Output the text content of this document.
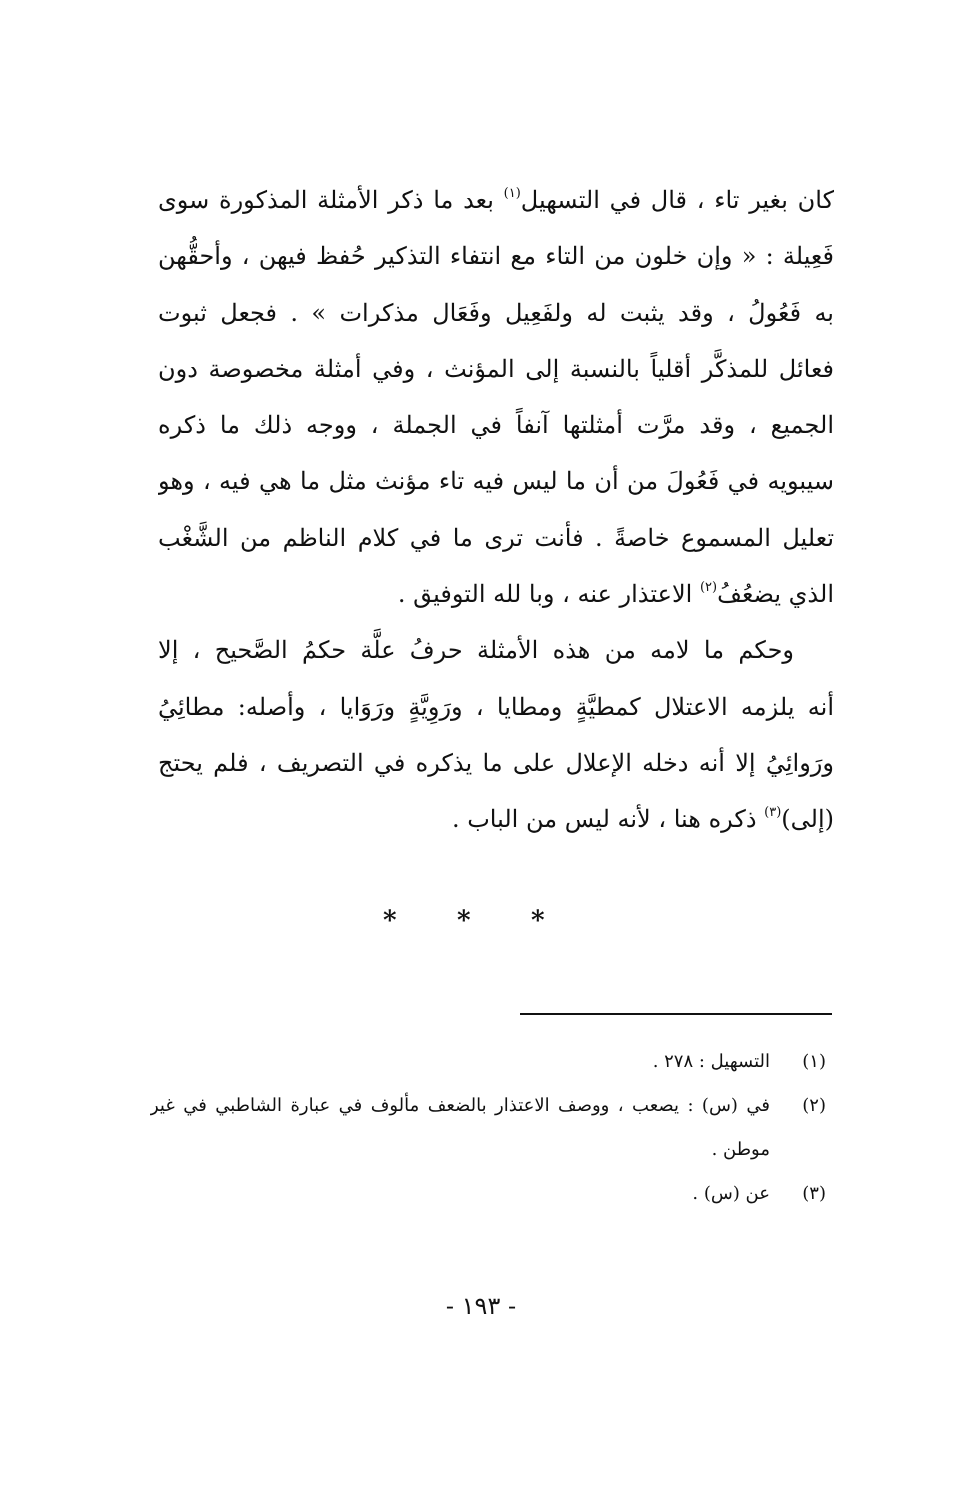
كان بغير تاء ، قال في التسهيل$^{(١)}$ بعد ما ذكر الأمثلة المذكورة سوى
فَعِيلة : « وإن خلون من التاء مع انتفاء التذكير حُفظ فيهن ، وأحقُّهن
به فَعُولُ ، وقد يثبت له ولفَعِيل وفَعَال مذكرات » . فجعل ثبوت
فعائل للمذكَّر أقلياً بالنسبة إلى المؤنث ، وفي أمثلة مخصوصة دون
الجميع ، وقد مرَّت أمثلتها آنفاً في الجملة ، ووجه ذلك ما ذكره
سيبويه في فَعُولَ من أن ما ليس فيه تاء مؤنث مثل ما هي فيه ، وهو
تعليل المسموع خاصةً . فأنت ترى ما في كلام الناظم من الشَّغْب
الذي يضعُفُ$^{(٢)}$ الاعتذار عنه ، وبا لله التوفيق .
وحكم ما لامه من هذه الأمثلة حرفُ علَّة حكمُ الصَّحيح ، إلا
أنه يلزمه الاعتلال كمطيَّةٍ ومطايا ، ورَوِيَّةٍ ورَوَايا ، وأصله: مطائِيُ
ورَوائِيُ إلا أنه دخله الإعلال على ما يذكره في التصريف ، فلم يحتج
(إلى)$^{(٣)}$ ذكره هنا ، لأنه ليس من الباب .
* * *
(١)
التسهيل : ٢٧٨ .
(٢)
في (س) : يصعب ، ووصف الاعتذار بالضعف مألوف في عبارة الشاطبي في غير
موطن .
(٣)
عن (س) .
- ١٩٣ -
